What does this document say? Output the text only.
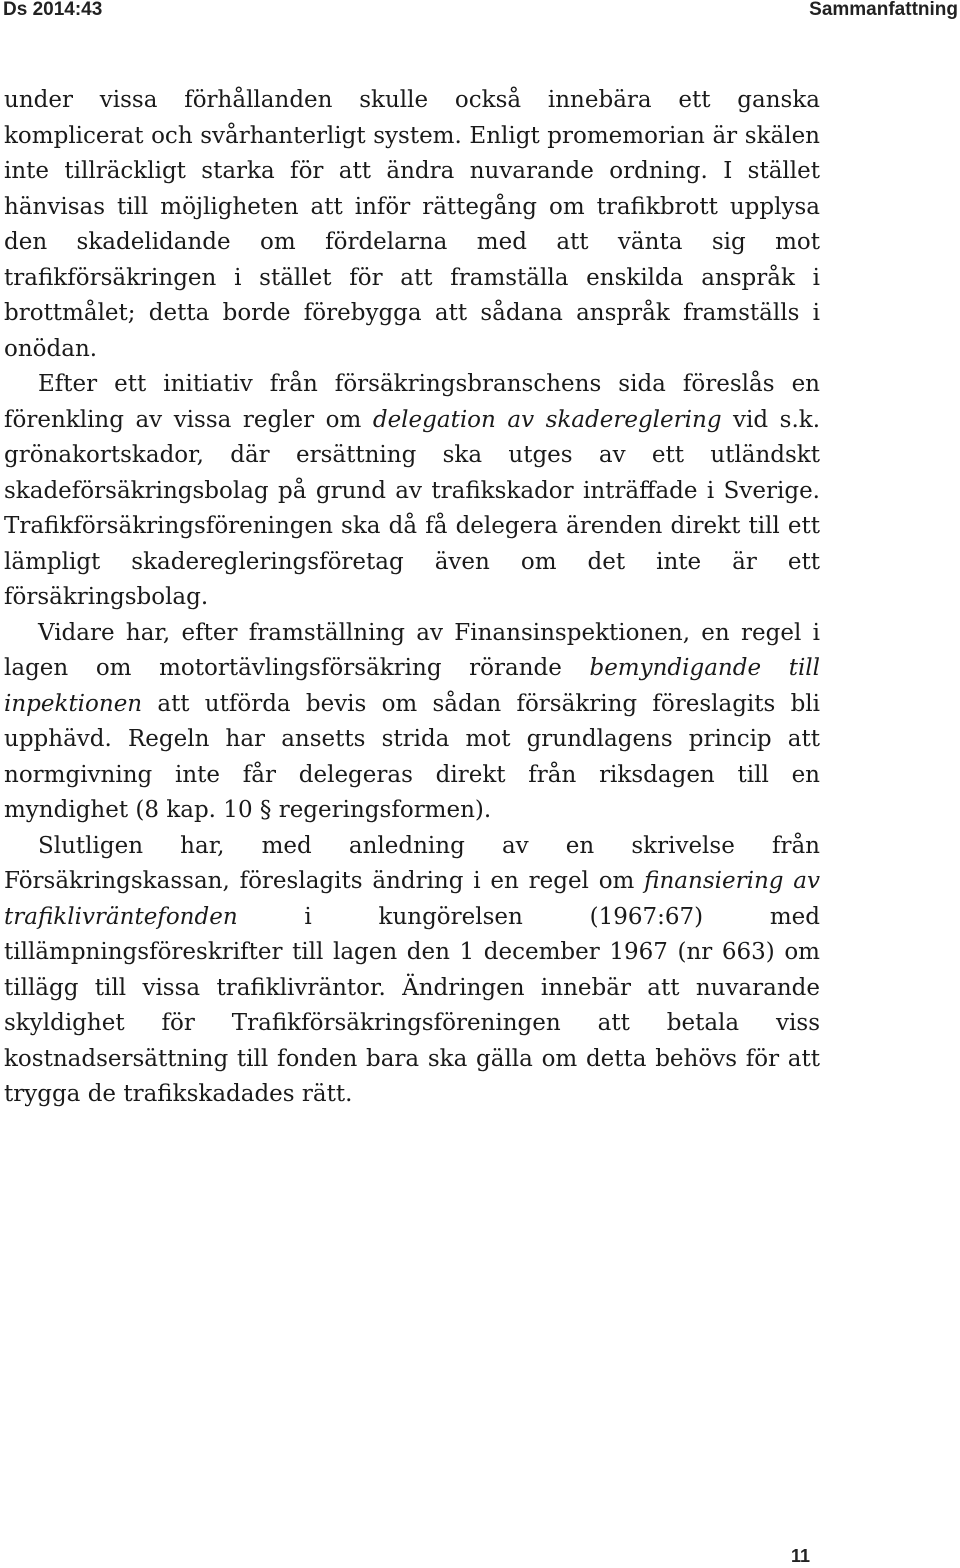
Ds 2014:43	Sammanfattning

under vissa förhållanden skulle också innebära ett ganska komplicerat och svårhanterligt system. Enligt promemorian är skälen inte tillräckligt starka för att ändra nuvarande ordning. I stället hänvisas till möjligheten att inför rättegång om trafikbrott upplysa den skadelidande om fördelarna med att vänta sig mot trafikförsäkringen i stället för att framställa enskilda anspråk i brottmålet; detta borde förebygga att sådana anspråk framställs i onödan.

Efter ett initiativ från försäkringsbranschens sida föreslås en förenkling av vissa regler om delegation av skadereglering vid s.k. grönakortskador, där ersättning ska utges av ett utländskt skadeförsäkringsbolag på grund av trafikskador inträffade i Sverige. Trafikförsäkringsföreningen ska då få delegera ärenden direkt till ett lämpligt skaderegleringsföretag även om det inte är ett försäkringsbolag.

Vidare har, efter framställning av Finansinspektionen, en regel i lagen om motortävlingsförsäkring rörande bemyndigande till inpektionen att utförda bevis om sådan försäkring föreslagits bli upphävd. Regeln har ansetts strida mot grundlagens princip att normgivning inte får delegeras direkt från riksdagen till en myndighet (8 kap. 10 § regeringsformen).

Slutligen har, med anledning av en skrivelse från Försäkringskassan, föreslagits ändring i en regel om finansiering av trafiklivräntefonden i kungörelsen (1967:67) med tillämpningsföreskrifter till lagen den 1 december 1967 (nr 663) om tillägg till vissa trafiklivräntor. Ändringen innebär att nuvarande skyldighet för Trafikförsäkringsföreningen att betala viss kostnadsersättning till fonden bara ska gälla om detta behövs för att trygga de trafikskadades rätt.

11
